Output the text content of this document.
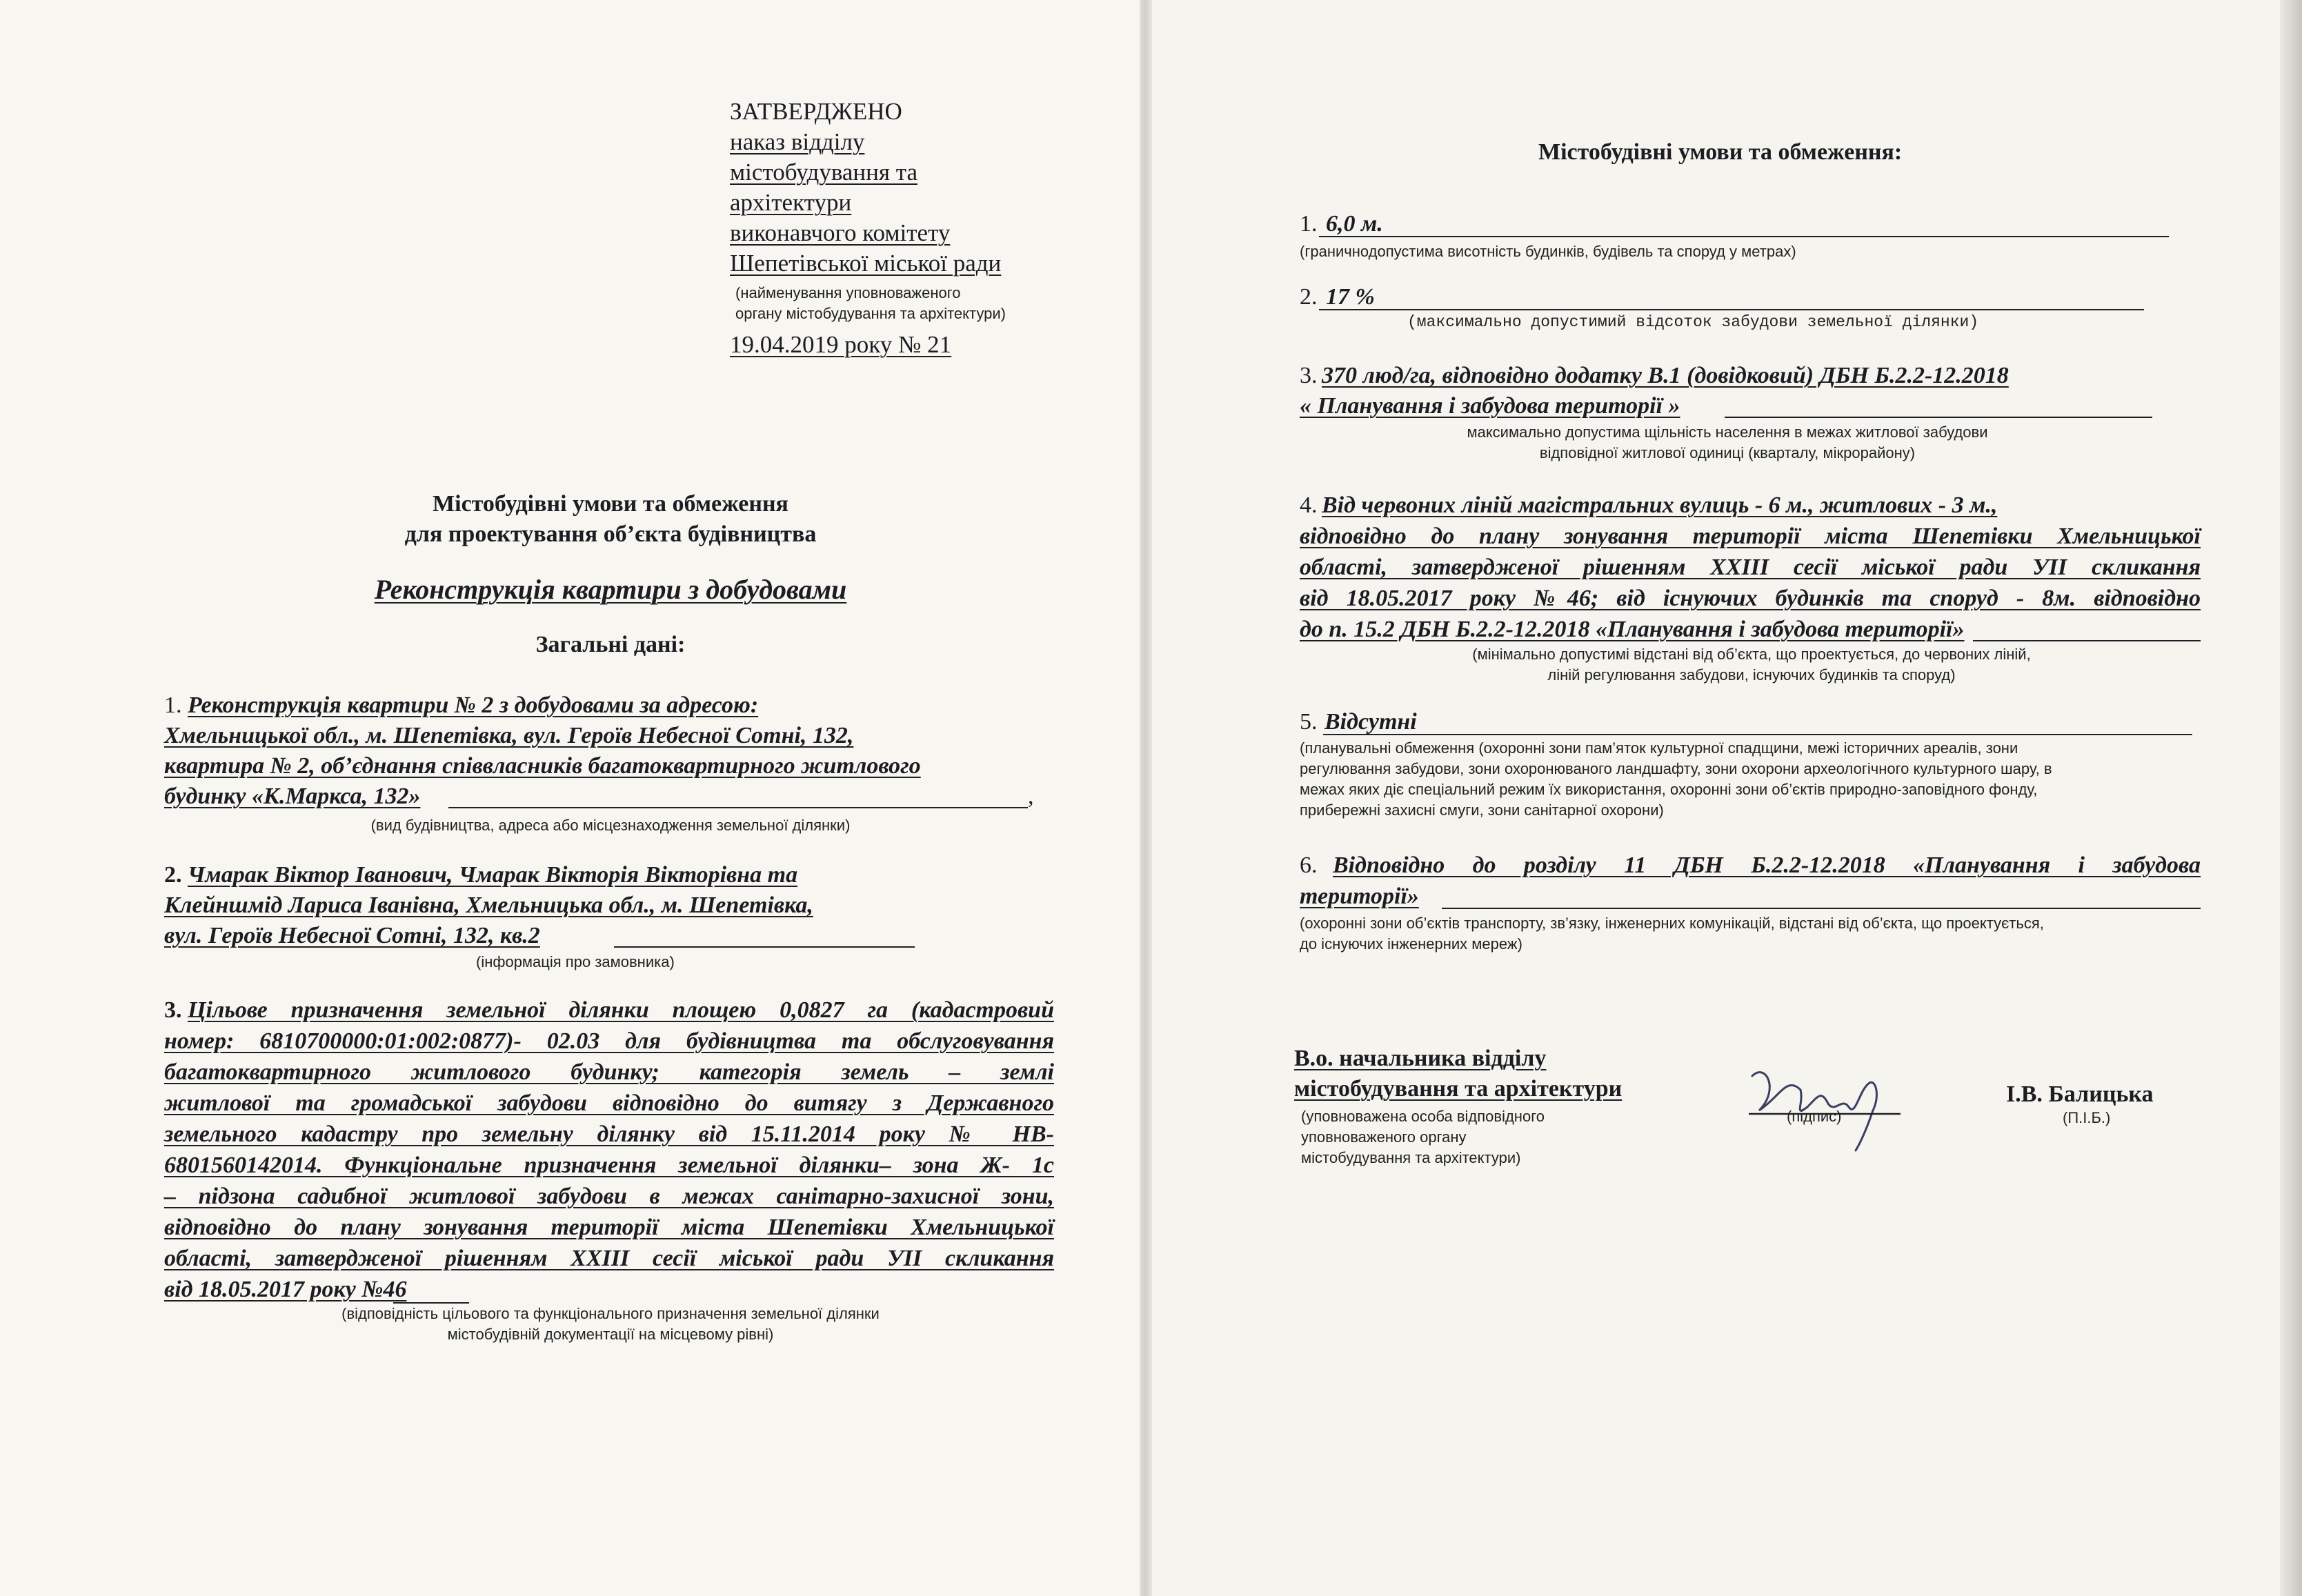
ЗАТВЕРДЖЕНО
наказ відділу
містобудування та
архітектури
виконавчого комітету
Шепетівської міської ради
(найменування уповноваженого
органу містобудування та архітектури)
19.04.2019 року № 21
Містобудівні умови та обмеження
для проектування об’єкта будівництва
Реконструкція квартири з добудовами
Загальні дані:
1. Реконструкція квартири № 2 з добудовами за адресою:
Хмельницької обл., м. Шепетівка, вул. Героїв Небесної Сотні, 132,
квартира № 2, об’єднання співвласників багатоквартирного житлового
будинку «К.Маркса, 132»	,
(вид будівництва, адреса або місцезнаходження земельної ділянки)
2. Чмарак Віктор Іванович, Чмарак Вікторія Вікторівна та
Клейншмід Лариса Іванівна, Хмельницька обл., м. Шепетівка,
вул. Героїв Небесної Сотні, 132, кв.2
(інформація про замовника)
3. Цільове призначення земельної ділянки площею 0,0827 га (кадастровий
номер: 6810700000:01:002:0877)- 02.03 для будівництва та обслуговування
багатоквартирного житлового будинку; категорія земель – землі
житлової та громадської забудови відповідно до витягу з Державного
земельного кадастру про земельну ділянку від 15.11.2014 року № НВ-
6801560142014. Функціональне призначення земельної ділянки– зона Ж- 1с
– підзона садибної житлової забудови в межах санітарно-захисної зони,
відповідно до плану зонування території міста Шепетівки Хмельницької
області, затвердженої рішенням ХХІІІ сесії міської ради УІІ скликання
від 18.05.2017 року №46
(відповідність цільового та функціонального призначення земельної ділянки
містобудівній документації на місцевому рівні)
Містобудівні умови та обмеження:
1. 6,0 м.
(граничнодопустима висотність будинків, будівель та споруд у метрах)
2. 17 %
(максимально допустимий відсоток забудови земельної ділянки)
3. 370 люд/га, відповідно додатку В.1 (довідковий) ДБН Б.2.2-12.2018
« Планування і забудова території »
максимально допустима щільність населення в межах житлової забудови
відповідної житлової одиниці (кварталу, мікрорайону)
4. Від червоних ліній магістральних вулиць - 6 м., житлових - 3 м.,
відповідно до плану зонування території міста Шепетівки Хмельницької
області, затвердженої рішенням ХХІІІ сесії міської ради УІІ скликання
від 18.05.2017 року №46; від існуючих будинків та споруд - 8м. відповідно
до п. 15.2 ДБН Б.2.2-12.2018 «Планування і забудова території»
(мінімально допустимі відстані від об’єкта, що проектується, до червоних ліній,
ліній регулювання забудови, існуючих будинків та споруд)
5. Відсутні
(планувальні обмеження (охоронні зони пам’яток культурної спадщини, межі історичних ареалів, зони
регулювання забудови, зони охоронюваного ландшафту, зони охорони археологічного культурного шару, в
межах яких діє спеціальний режим їх використання, охоронні зони об’єктів природно-заповідного фонду,
прибережні захисні смуги, зони санітарної охорони)
6. Відповідно до розділу 11 ДБН Б.2.2-12.2018 «Планування і забудова
території»
(охоронні зони об’єктів транспорту, зв’язку, інженерних комунікацій, відстані від об’єкта, що проектується,
до існуючих інженерних мереж)
В.о. начальника відділу
містобудування та архітектури
(уповноважена особа відповідного
уповноваженого органу
містобудування та архітектури)
(підпис)
І.В. Балицька
(П.І.Б.)
